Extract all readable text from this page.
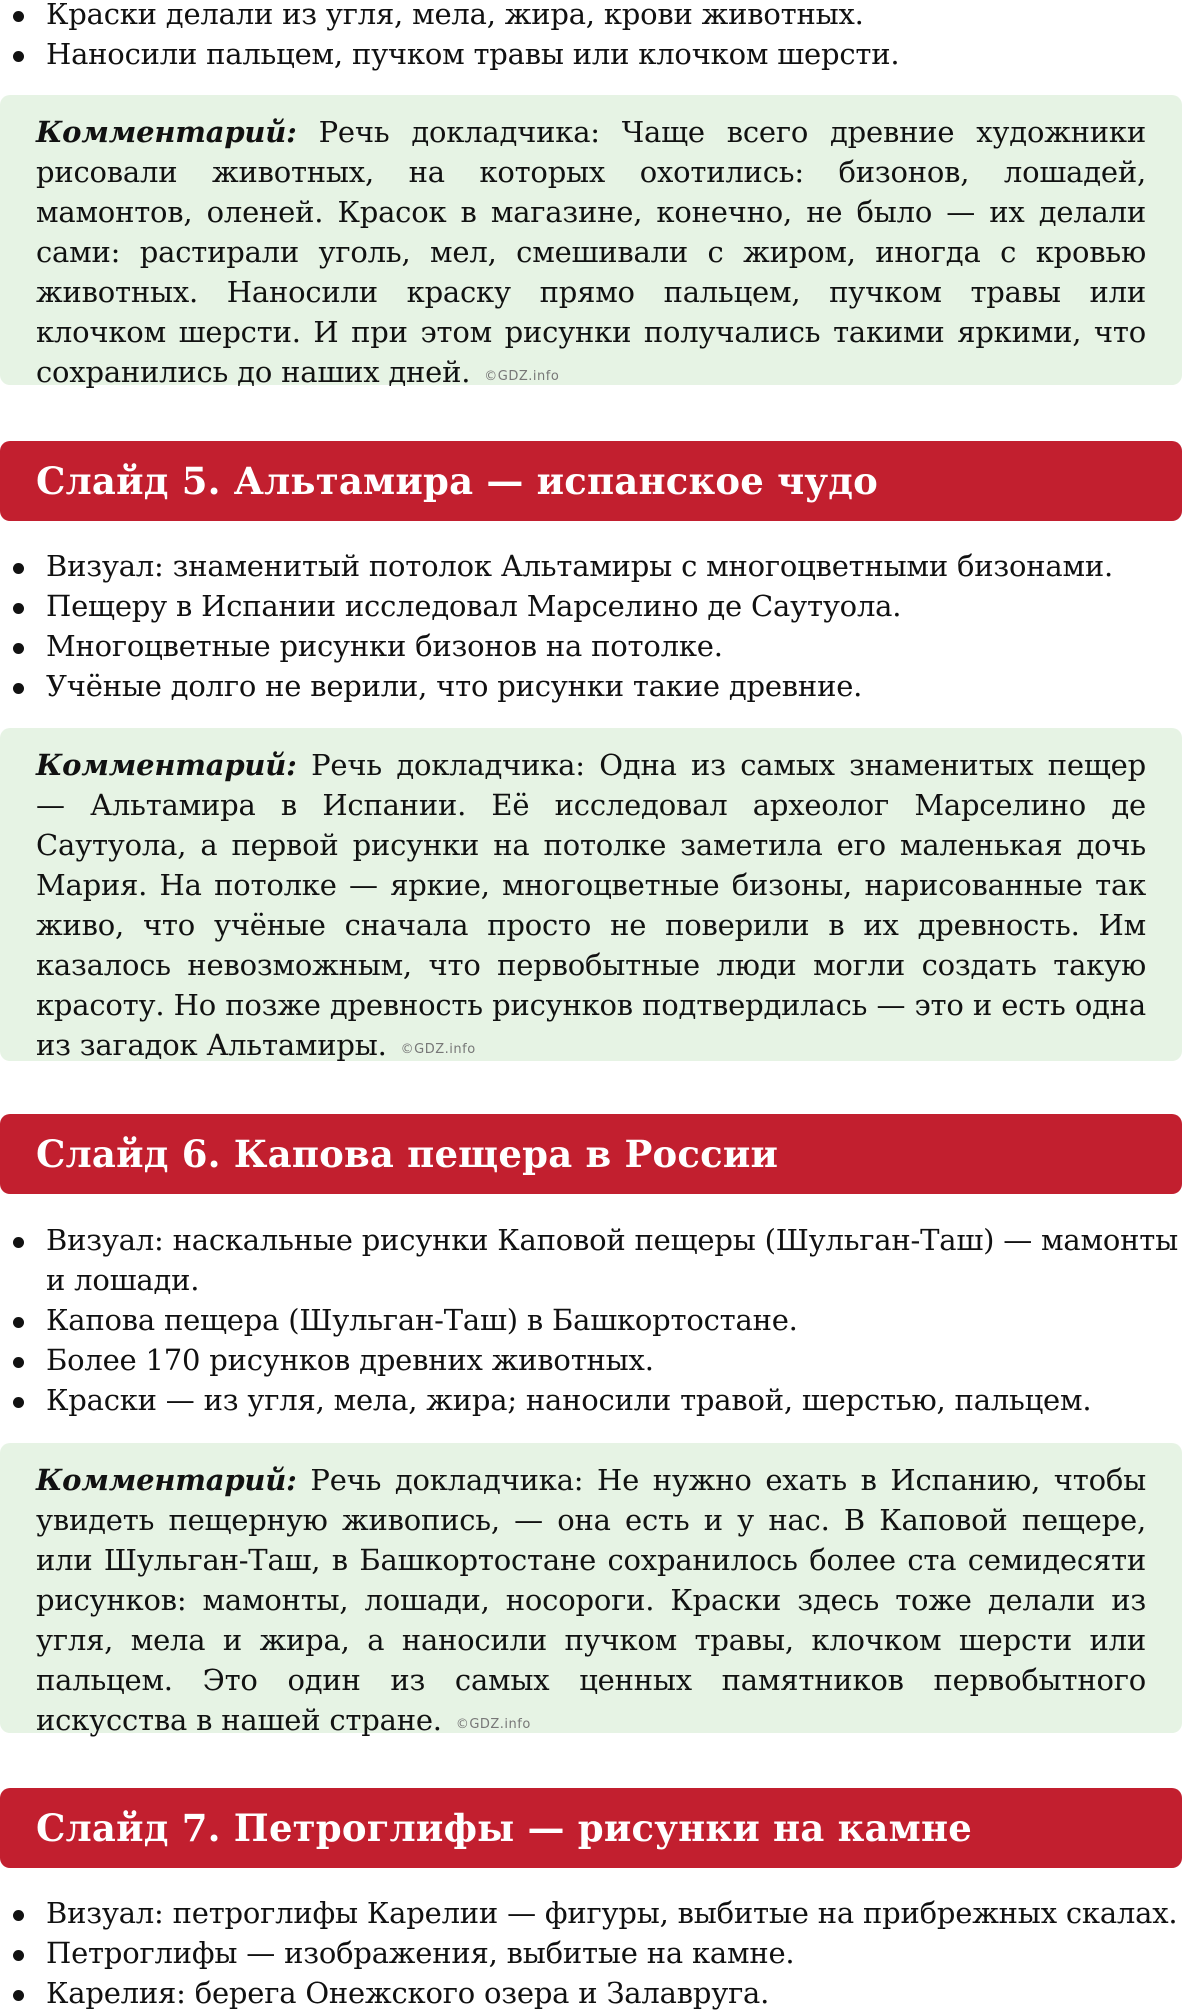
Краски делали из угля, мела, жира, крови животных.
Наносили пальцем, пучком травы или клочком шерсти.

Комментарий: Речь докладчика: Чаще всего древние художники рисовали животных, на которых охотились: бизонов, лошадей, мамонтов, оленей. Красок в магазине, конечно, не было — их делали сами: растирали уголь, мел, смешивали с жиром, иногда с кровью животных. Наносили краску прямо пальцем, пучком травы или клочком шерсти. И при этом рисунки получались такими яркими, что сохранились до наших дней. ©GDZ.info

Слайд 5. Альтамира — испанское чудо
Визуал: знаменитый потолок Альтамиры с многоцветными бизонами.
Пещеру в Испании исследовал Марселино де Саутуола.
Многоцветные рисунки бизонов на потолке.
Учёные долго не верили, что рисунки такие древние.

Комментарий: Речь докладчика: Одна из самых знаменитых пещер — Альтамира в Испании. Её исследовал археолог Марселино де Саутуола, а первой рисунки на потолке заметила его маленькая дочь Мария. На потолке — яркие, многоцветные бизоны, нарисованные так живо, что учёные сначала просто не поверили в их древность. Им казалось невозможным, что первобытные люди могли создать такую красоту. Но позже древность рисунков подтвердилась — это и есть одна из загадок Альтамиры. ©GDZ.info

Слайд 6. Капова пещера в России
Визуал: наскальные рисунки Каповой пещеры (Шульган-Таш) — мамонты и лошади.
Капова пещера (Шульган-Таш) в Башкортостане.
Более 170 рисунков древних животных.
Краски — из угля, мела, жира; наносили травой, шерстью, пальцем.

Комментарий: Речь докладчика: Не нужно ехать в Испанию, чтобы увидеть пещерную живопись, — она есть и у нас. В Каповой пещере, или Шульган-Таш, в Башкортостане сохранилось более ста семидесяти рисунков: мамонты, лошади, носороги. Краски здесь тоже делали из угля, мела и жира, а наносили пучком травы, клочком шерсти или пальцем. Это один из самых ценных памятников первобытного искусства в нашей стране. ©GDZ.info

Слайд 7. Петроглифы — рисунки на камне
Визуал: петроглифы Карелии — фигуры, выбитые на прибрежных скалах.
Петроглифы — изображения, выбитые на камне.
Карелия: берега Онежского озера и Залавруга.
